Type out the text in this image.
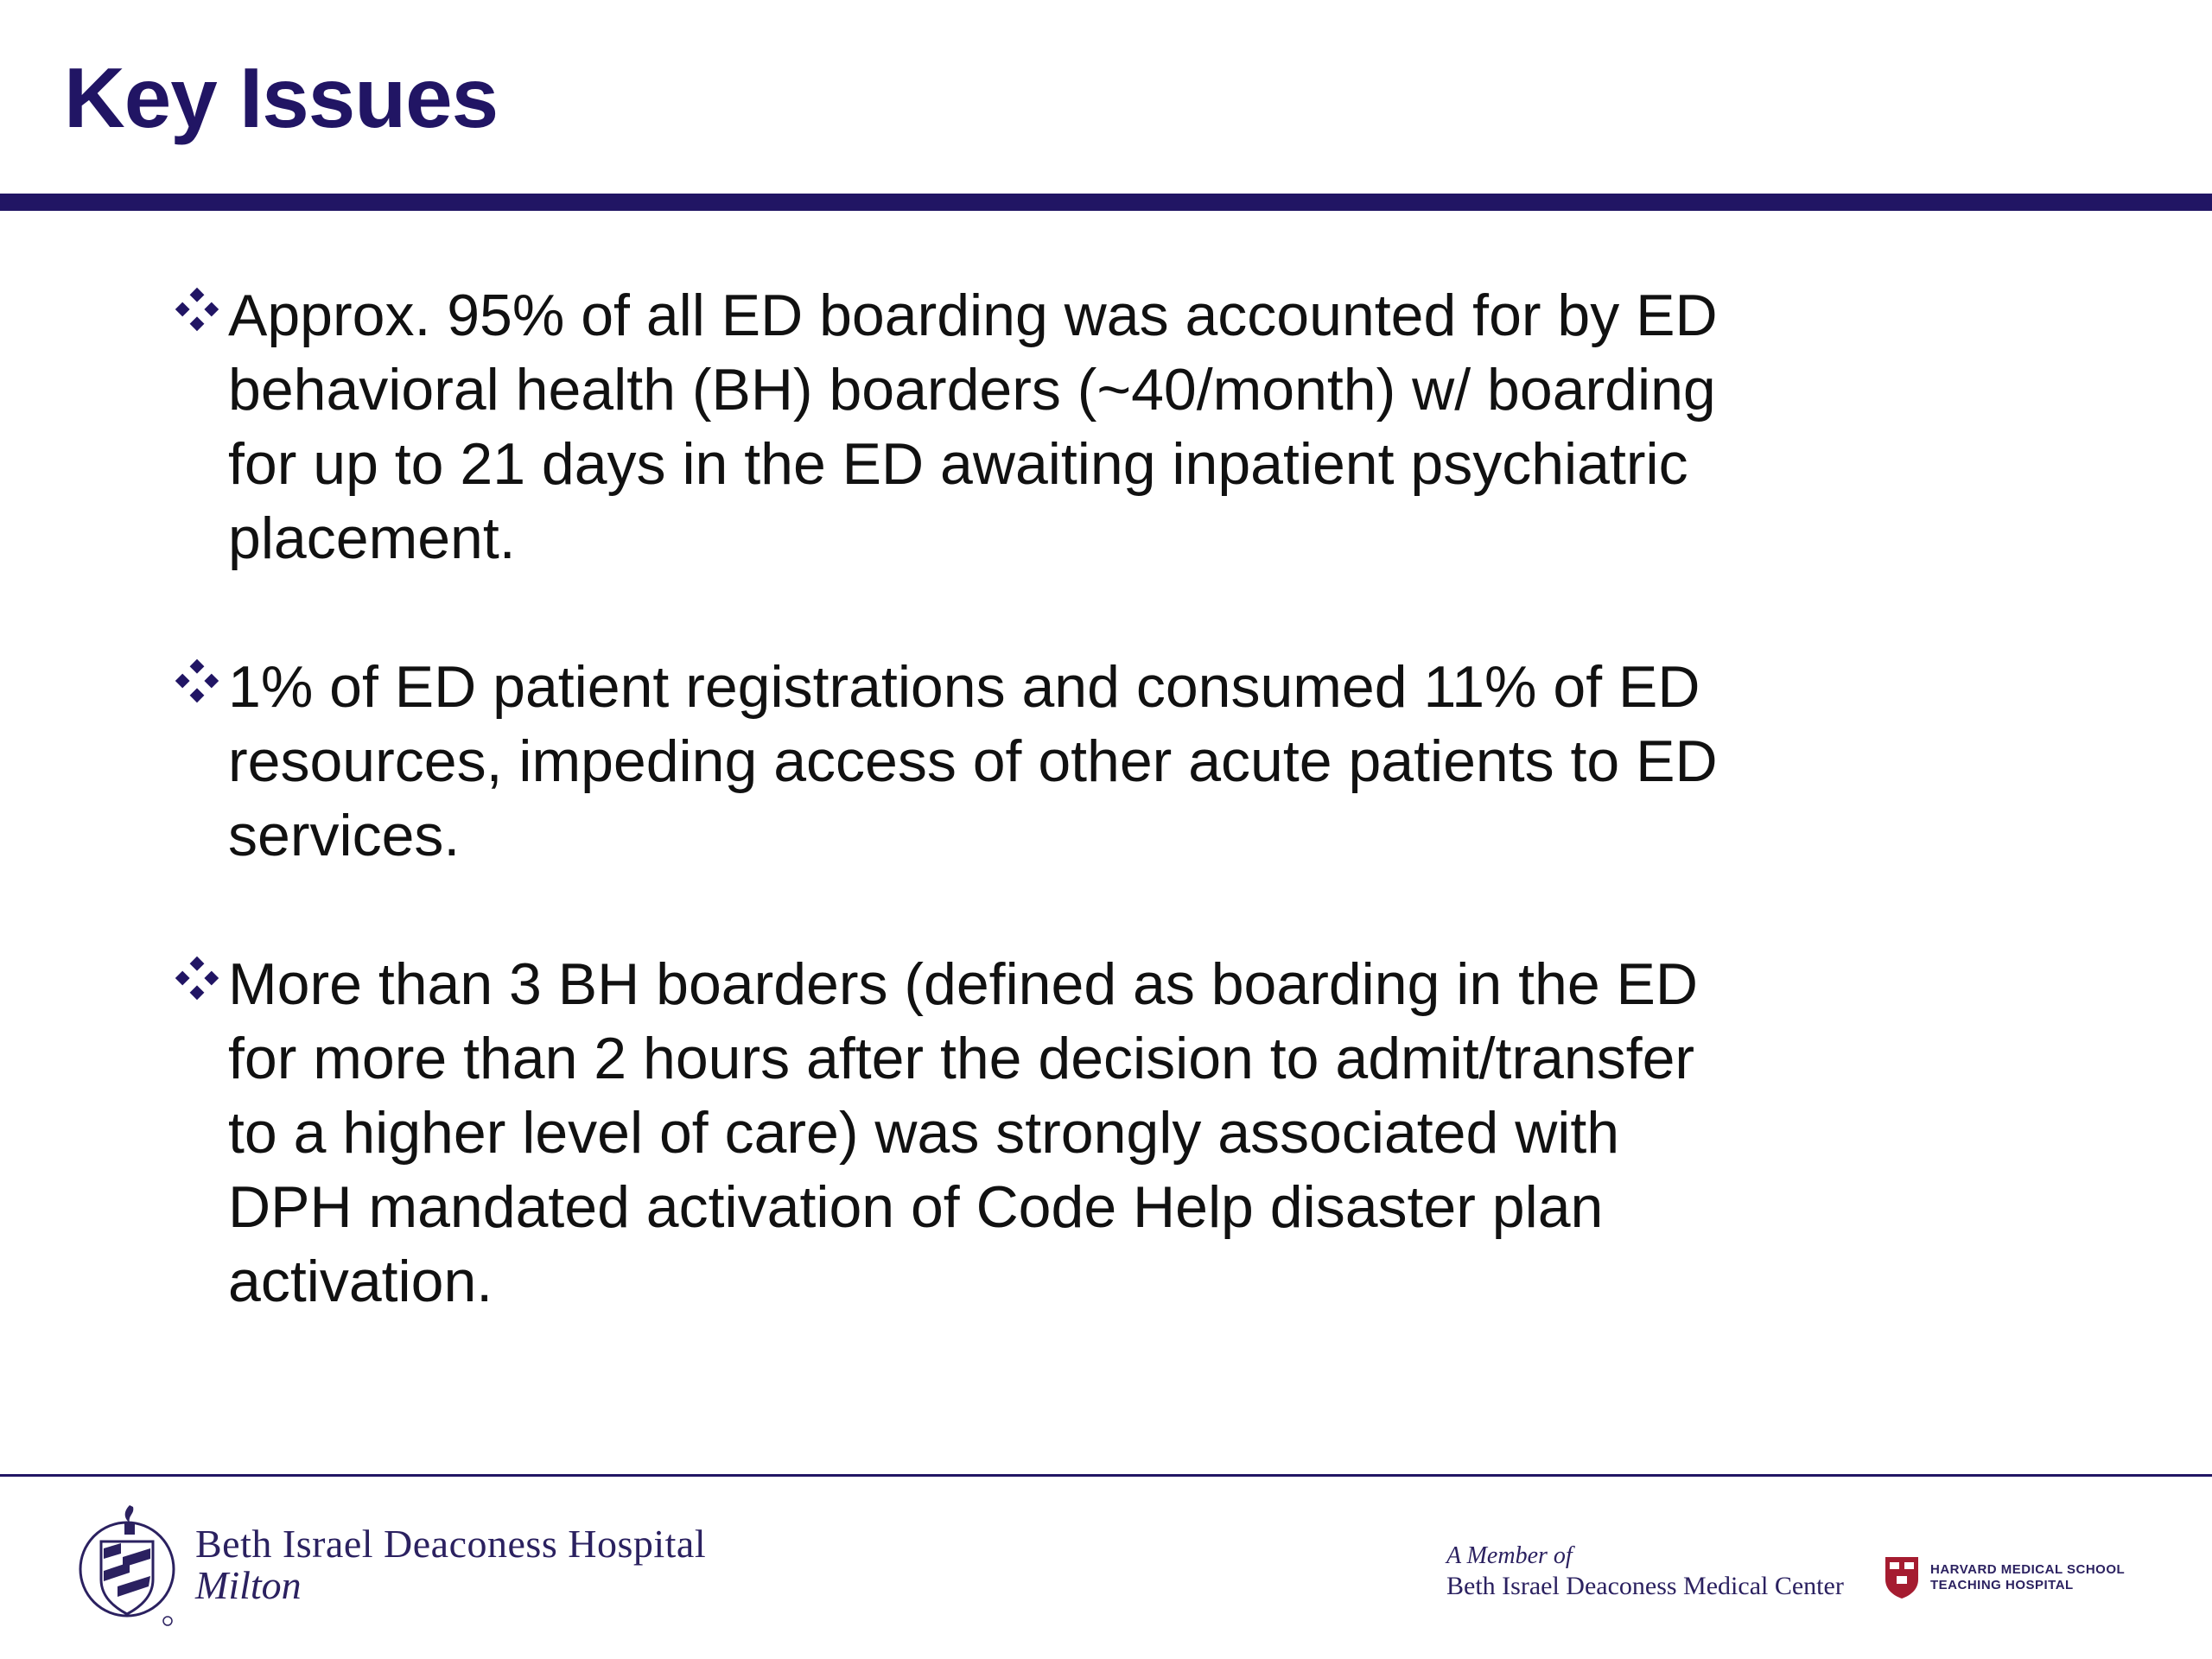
Key Issues
Approx. 95% of all ED boarding was accounted for by ED behavioral health (BH) boarders (~40/month) w/ boarding for up to 21 days in the ED awaiting inpatient psychiatric placement.
1% of ED patient registrations and consumed 11% of ED resources, impeding access of other acute patients to ED services.
More than 3 BH boarders (defined as boarding in the ED for more than 2 hours after the decision to admit/transfer to a higher level of care) was strongly associated with DPH mandated activation of Code Help disaster plan activation.
Beth Israel Deaconess Hospital
Milton
A Member of
Beth Israel Deaconess Medical Center
HARVARD MEDICAL SCHOOL
TEACHING HOSPITAL
